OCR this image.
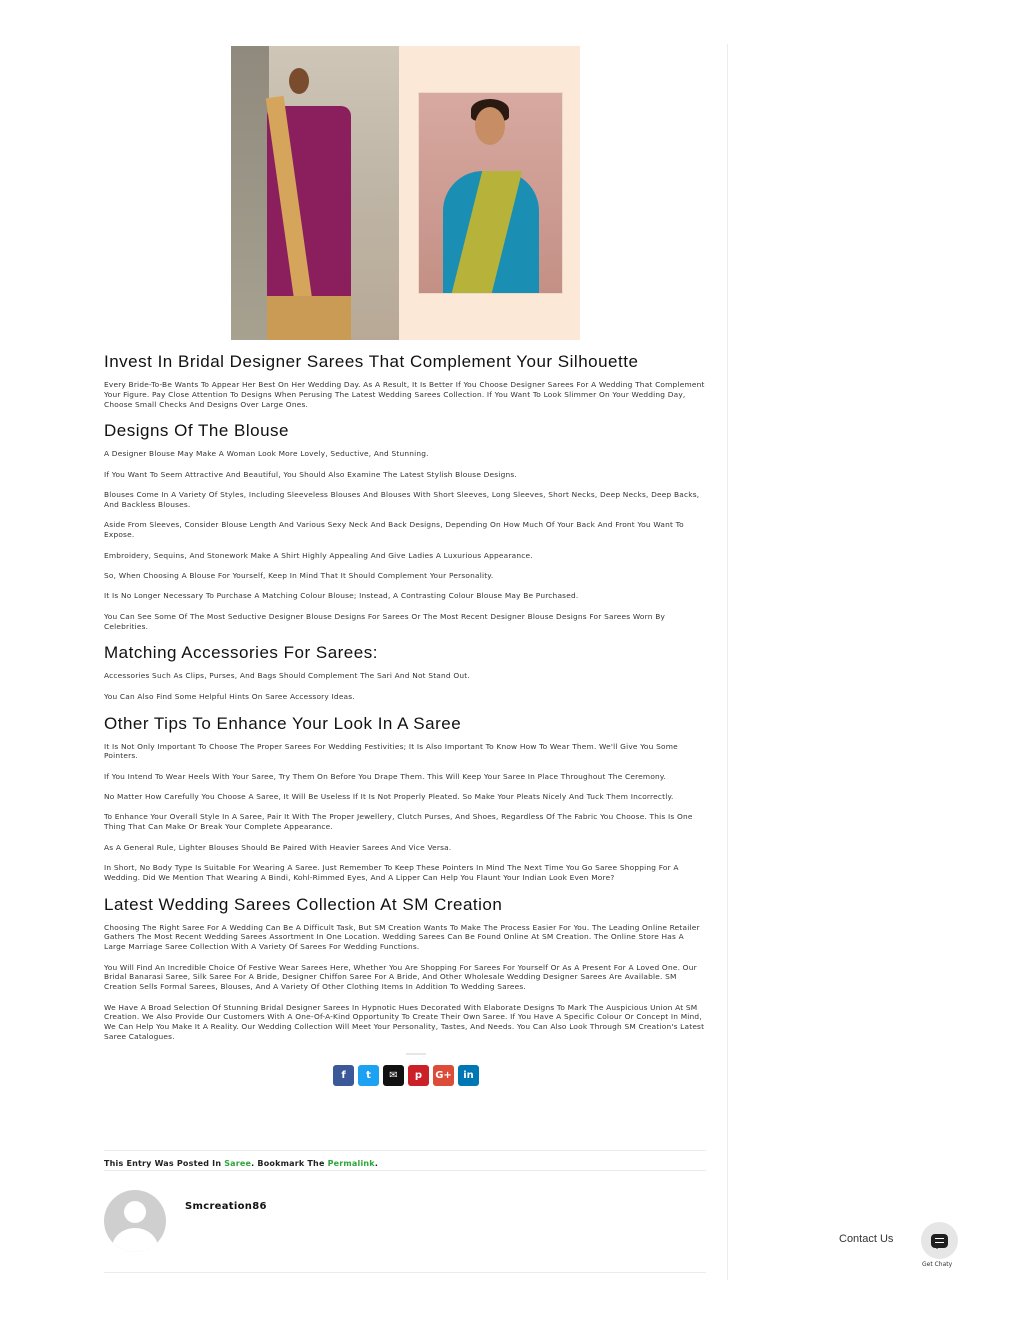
Invest In Bridal Designer Sarees That Complement Your Silhouette

Every Bride-To-Be Wants To Appear Her Best On Her Wedding Day. As A Result, It Is Better If You Choose Designer Sarees For A Wedding That Complement Your Figure. Pay Close Attention To Designs When Perusing The Latest Wedding Sarees Collection. If You Want To Look Slimmer On Your Wedding Day, Choose Small Checks And Designs Over Large Ones.

Designs Of The Blouse

A Designer Blouse May Make A Woman Look More Lovely, Seductive, And Stunning.

If You Want To Seem Attractive And Beautiful, You Should Also Examine The Latest Stylish Blouse Designs.

Blouses Come In A Variety Of Styles, Including Sleeveless Blouses And Blouses With Short Sleeves, Long Sleeves, Short Necks, Deep Necks, Deep Backs, And Backless Blouses.

Aside From Sleeves, Consider Blouse Length And Various Sexy Neck And Back Designs, Depending On How Much Of Your Back And Front You Want To Expose.

Embroidery, Sequins, And Stonework Make A Shirt Highly Appealing And Give Ladies A Luxurious Appearance.

So, When Choosing A Blouse For Yourself, Keep In Mind That It Should Complement Your Personality.

It Is No Longer Necessary To Purchase A Matching Colour Blouse; Instead, A Contrasting Colour Blouse May Be Purchased.

You Can See Some Of The Most Seductive Designer Blouse Designs For Sarees Or The Most Recent Designer Blouse Designs For Sarees Worn By Celebrities.

Matching Accessories For Sarees:

Accessories Such As Clips, Purses, And Bags Should Complement The Sari And Not Stand Out.

You Can Also Find Some Helpful Hints On Saree Accessory Ideas.

Other Tips To Enhance Your Look In A Saree

It Is Not Only Important To Choose The Proper Sarees For Wedding Festivities; It Is Also Important To Know How To Wear Them. We'll Give You Some Pointers.

If You Intend To Wear Heels With Your Saree, Try Them On Before You Drape Them. This Will Keep Your Saree In Place Throughout The Ceremony.

No Matter How Carefully You Choose A Saree, It Will Be Useless If It Is Not Properly Pleated. So Make Your Pleats Nicely And Tuck Them Incorrectly.

To Enhance Your Overall Style In A Saree, Pair It With The Proper Jewellery, Clutch Purses, And Shoes, Regardless Of The Fabric You Choose. This Is One Thing That Can Make Or Break Your Complete Appearance.

As A General Rule, Lighter Blouses Should Be Paired With Heavier Sarees And Vice Versa.

In Short, No Body Type Is Suitable For Wearing A Saree. Just Remember To Keep These Pointers In Mind The Next Time You Go Saree Shopping For A Wedding. Did We Mention That Wearing A Bindi, Kohl-Rimmed Eyes, And A Lipper Can Help You Flaunt Your Indian Look Even More?

Latest Wedding Sarees Collection At SM Creation

Choosing The Right Saree For A Wedding Can Be A Difficult Task, But SM Creation Wants To Make The Process Easier For You. The Leading Online Retailer Gathers The Most Recent Wedding Sarees Assortment In One Location. Wedding Sarees Can Be Found Online At SM Creation. The Online Store Has A Large Marriage Saree Collection With A Variety Of Sarees For Wedding Functions.

You Will Find An Incredible Choice Of Festive Wear Sarees Here, Whether You Are Shopping For Sarees For Yourself Or As A Present For A Loved One. Our Bridal Banarasi Saree, Silk Saree For A Bride, Designer Chiffon Saree For A Bride, And Other Wholesale Wedding Designer Sarees Are Available. SM Creation Sells Formal Sarees, Blouses, And A Variety Of Other Clothing Items In Addition To Wedding Sarees.

We Have A Broad Selection Of Stunning Bridal Designer Sarees In Hypnotic Hues Decorated With Elaborate Designs To Mark The Auspicious Union At SM Creation. We Also Provide Our Customers With A One-Of-A-Kind Opportunity To Create Their Own Saree. If You Have A Specific Colour Or Concept In Mind, We Can Help You Make It A Reality. Our Wedding Collection Will Meet Your Personality, Tastes, And Needs. You Can Also Look Through SM Creation's Latest Saree Catalogues.

f t ✉ p G+ in
This Entry Was Posted In Saree. Bookmark The Permalink.
Smcreation86
Contact Us
Get Chaty
